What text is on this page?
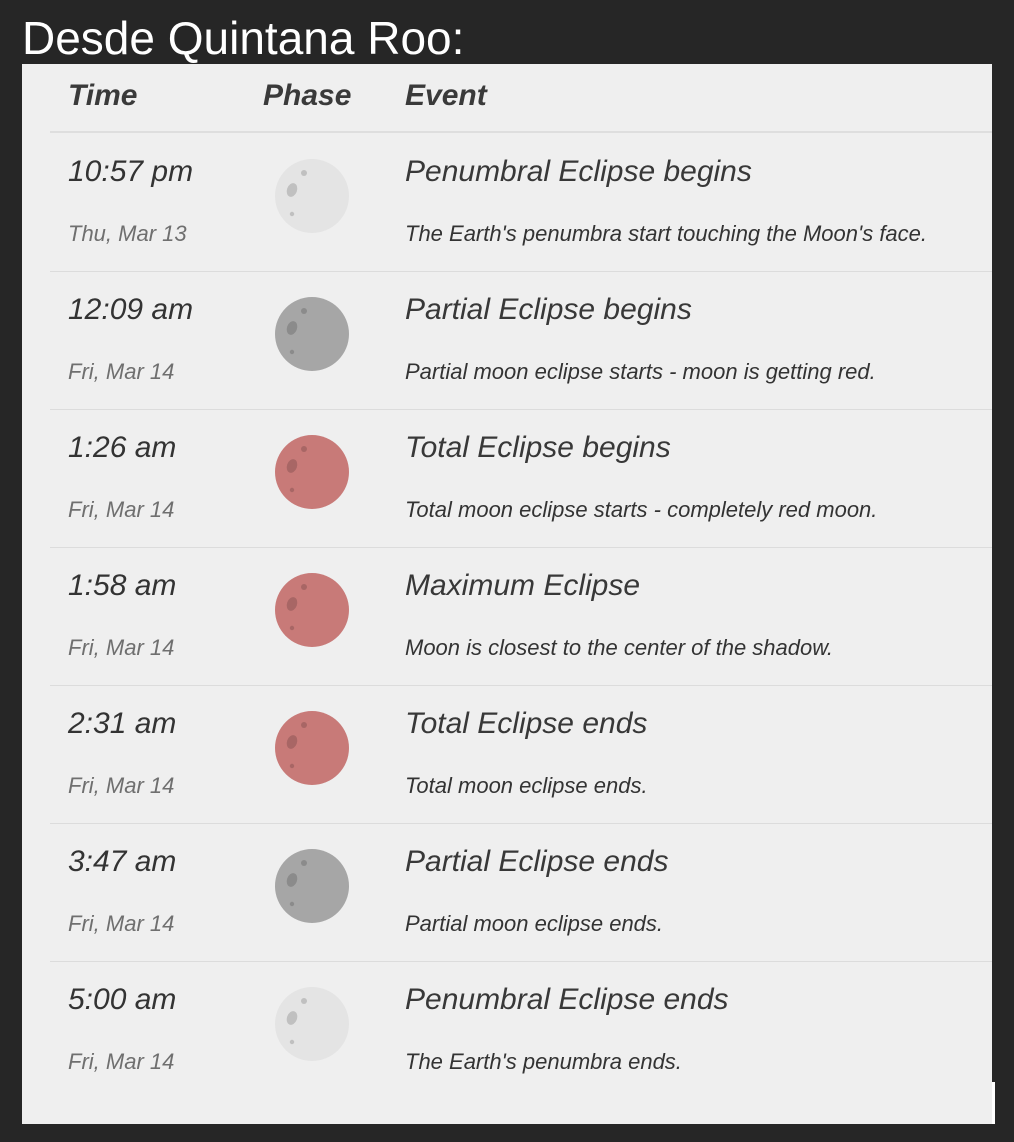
Desde Quintana Roo:
Time	Phase Event
10:57 pm
Thu, Mar 13
Penumbral Eclipse begins
The Earth's penumbra start touching the Moon's face.
12:09 am
Fri, Mar 14
Partial Eclipse begins
Partial moon eclipse starts - moon is getting red.
1:26 am
Fri, Mar 14
Total Eclipse begins
Total moon eclipse starts - completely red moon.
1:58 am
Fri, Mar 14
Maximum Eclipse
Moon is closest to the center of the shadow.
2:31 am
Fri, Mar 14
Total Eclipse ends
Total moon eclipse ends.
3:47 am
Fri, Mar 14
Partial Eclipse ends
Partial moon eclipse ends.
5:00 am
Fri, Mar 14
Penumbral Eclipse ends
The Earth's penumbra ends.
